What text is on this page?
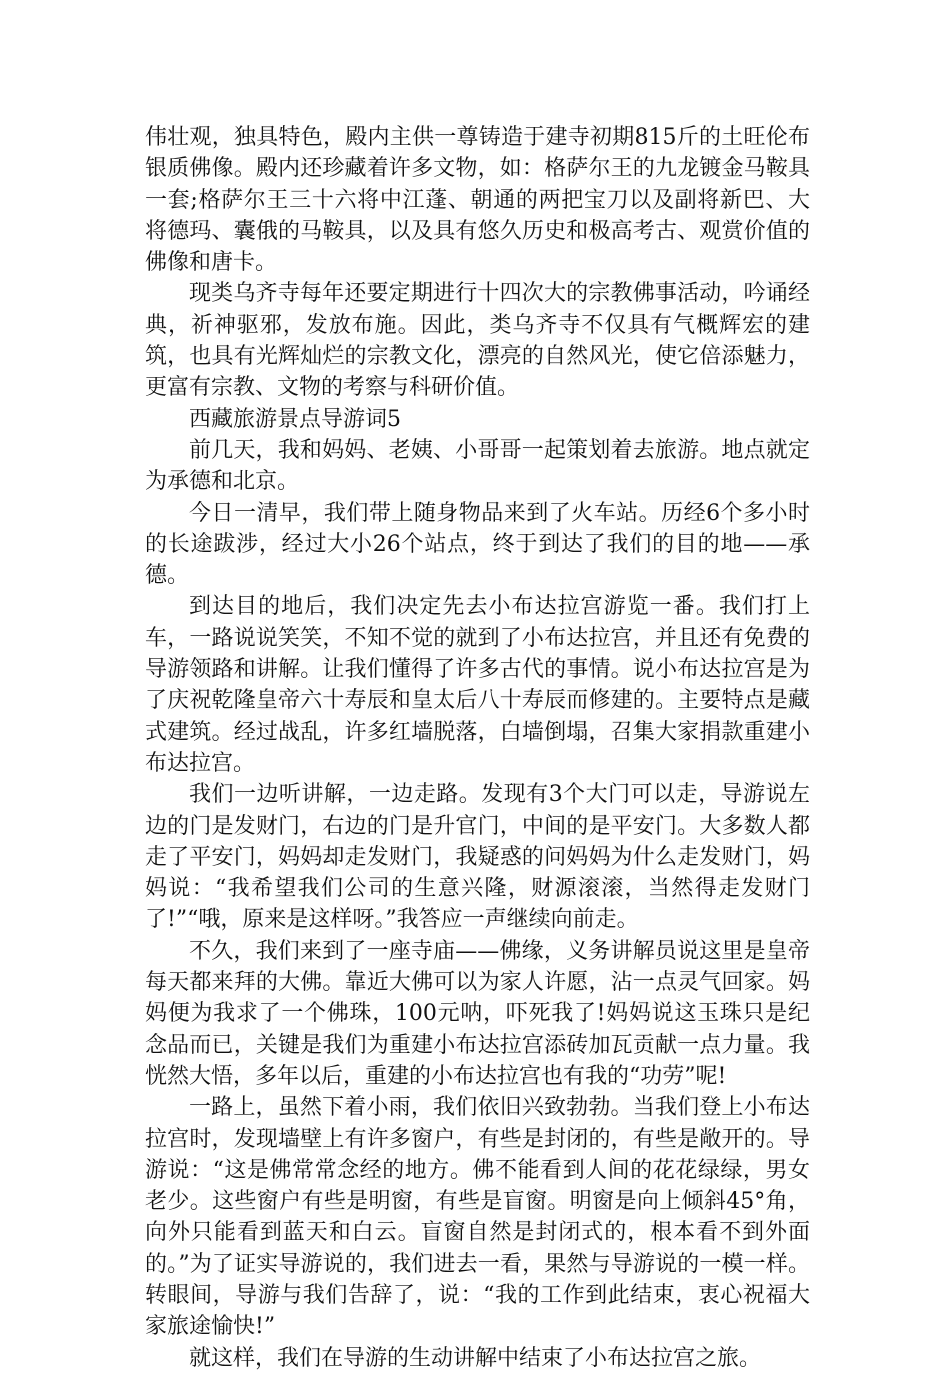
伟壮观，独具特色，殿内主供一尊铸造于建寺初期815斤的土旺伦布银质佛像。殿内还珍藏着许多文物，如：格萨尔王的九龙镀金马鞍具一套;格萨尔王三十六将中江蓬、朝通的两把宝刀以及副将新巴、大将德玛、囊俄的马鞍具，以及具有悠久历史和极高考古、观赏价值的佛像和唐卡。

现类乌齐寺每年还要定期进行十四次大的宗教佛事活动，吟诵经典，祈神驱邪，发放布施。因此，类乌齐寺不仅具有气概辉宏的建筑，也具有光辉灿烂的宗教文化，漂亮的自然风光，使它倍添魅力，更富有宗教、文物的考察与科研价值。

西藏旅游景点导游词5

前几天，我和妈妈、老姨、小哥哥一起策划着去旅游。地点就定为承德和北京。

今日一清早，我们带上随身物品来到了火车站。历经6个多小时的长途跋涉，经过大小26个站点，终于到达了我们的目的地——承德。

到达目的地后，我们决定先去小布达拉宫游览一番。我们打上车，一路说说笑笑，不知不觉的就到了小布达拉宫，并且还有免费的导游领路和讲解。让我们懂得了许多古代的事情。说小布达拉宫是为了庆祝乾隆皇帝六十寿辰和皇太后八十寿辰而修建的。主要特点是藏式建筑。经过战乱，许多红墙脱落，白墙倒塌，召集大家捐款重建小布达拉宫。

我们一边听讲解，一边走路。发现有3个大门可以走，导游说左边的门是发财门，右边的门是升官门，中间的是平安门。大多数人都走了平安门，妈妈却走发财门，我疑惑的问妈妈为什么走发财门，妈妈说：“我希望我们公司的生意兴隆，财源滚滚，当然得走发财门了!”“哦，原来是这样呀。”我答应一声继续向前走。

不久，我们来到了一座寺庙——佛缘，义务讲解员说这里是皇帝每天都来拜的大佛。靠近大佛可以为家人许愿，沾一点灵气回家。妈妈便为我求了一个佛珠，100元呐，吓死我了!妈妈说这玉珠只是纪念品而已，关键是我们为重建小布达拉宫添砖加瓦贡献一点力量。我恍然大悟，多年以后，重建的小布达拉宫也有我的“功劳”呢!

一路上，虽然下着小雨，我们依旧兴致勃勃。当我们登上小布达拉宫时，发现墙壁上有许多窗户，有些是封闭的，有些是敞开的。导游说：“这是佛常常念经的地方。佛不能看到人间的花花绿绿，男女老少。这些窗户有些是明窗，有些是盲窗。明窗是向上倾斜45°角，向外只能看到蓝天和白云。盲窗自然是封闭式的，根本看不到外面的。”为了证实导游说的，我们进去一看，果然与导游说的一模一样。转眼间，导游与我们告辞了，说：“我的工作到此结束，衷心祝福大家旅途愉快!”

就这样，我们在导游的生动讲解中结束了小布达拉宫之旅。
